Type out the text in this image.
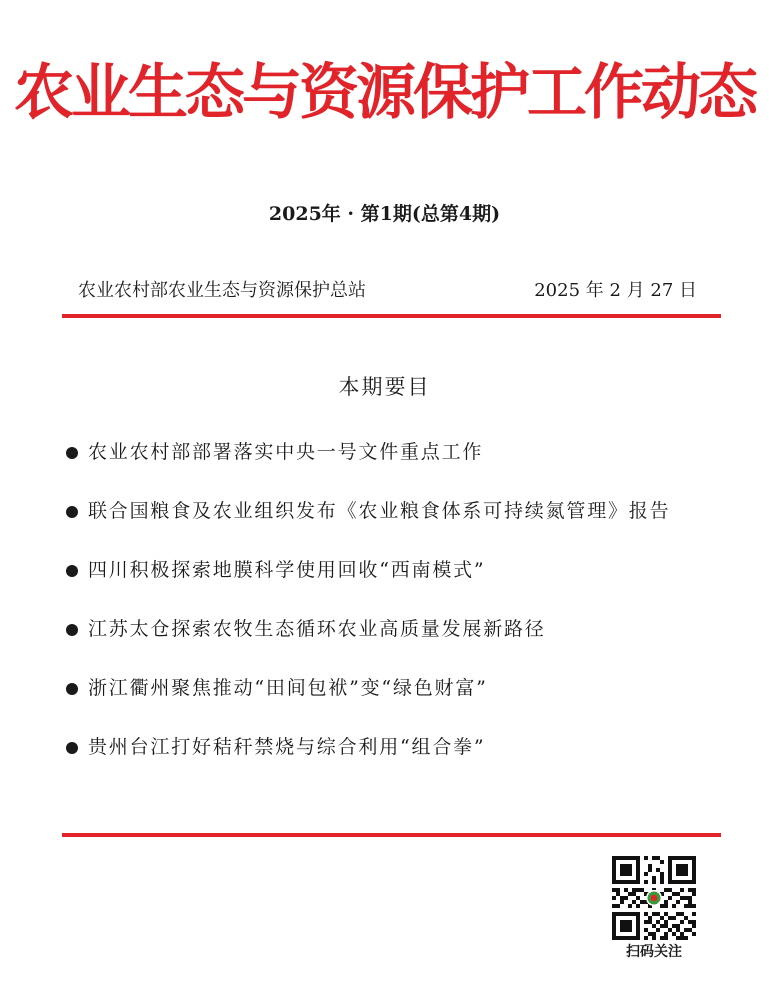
农业生态与资源保护工作动态
2025年 · 第1期(总第4期)
农业农村部农业生态与资源保护总站	2025 年 2 月 27 日
本期要目
农业农村部部署落实中央一号文件重点工作
联合国粮食及农业组织发布《农业粮食体系可持续氮管理》报告
四川积极探索地膜科学使用回收“西南模式”
江苏太仓探索农牧生态循环农业高质量发展新路径
浙江衢州聚焦推动“田间包袱”变“绿色财富”
贵州台江打好秸秆禁烧与综合利用“组合拳”
扫码关注
